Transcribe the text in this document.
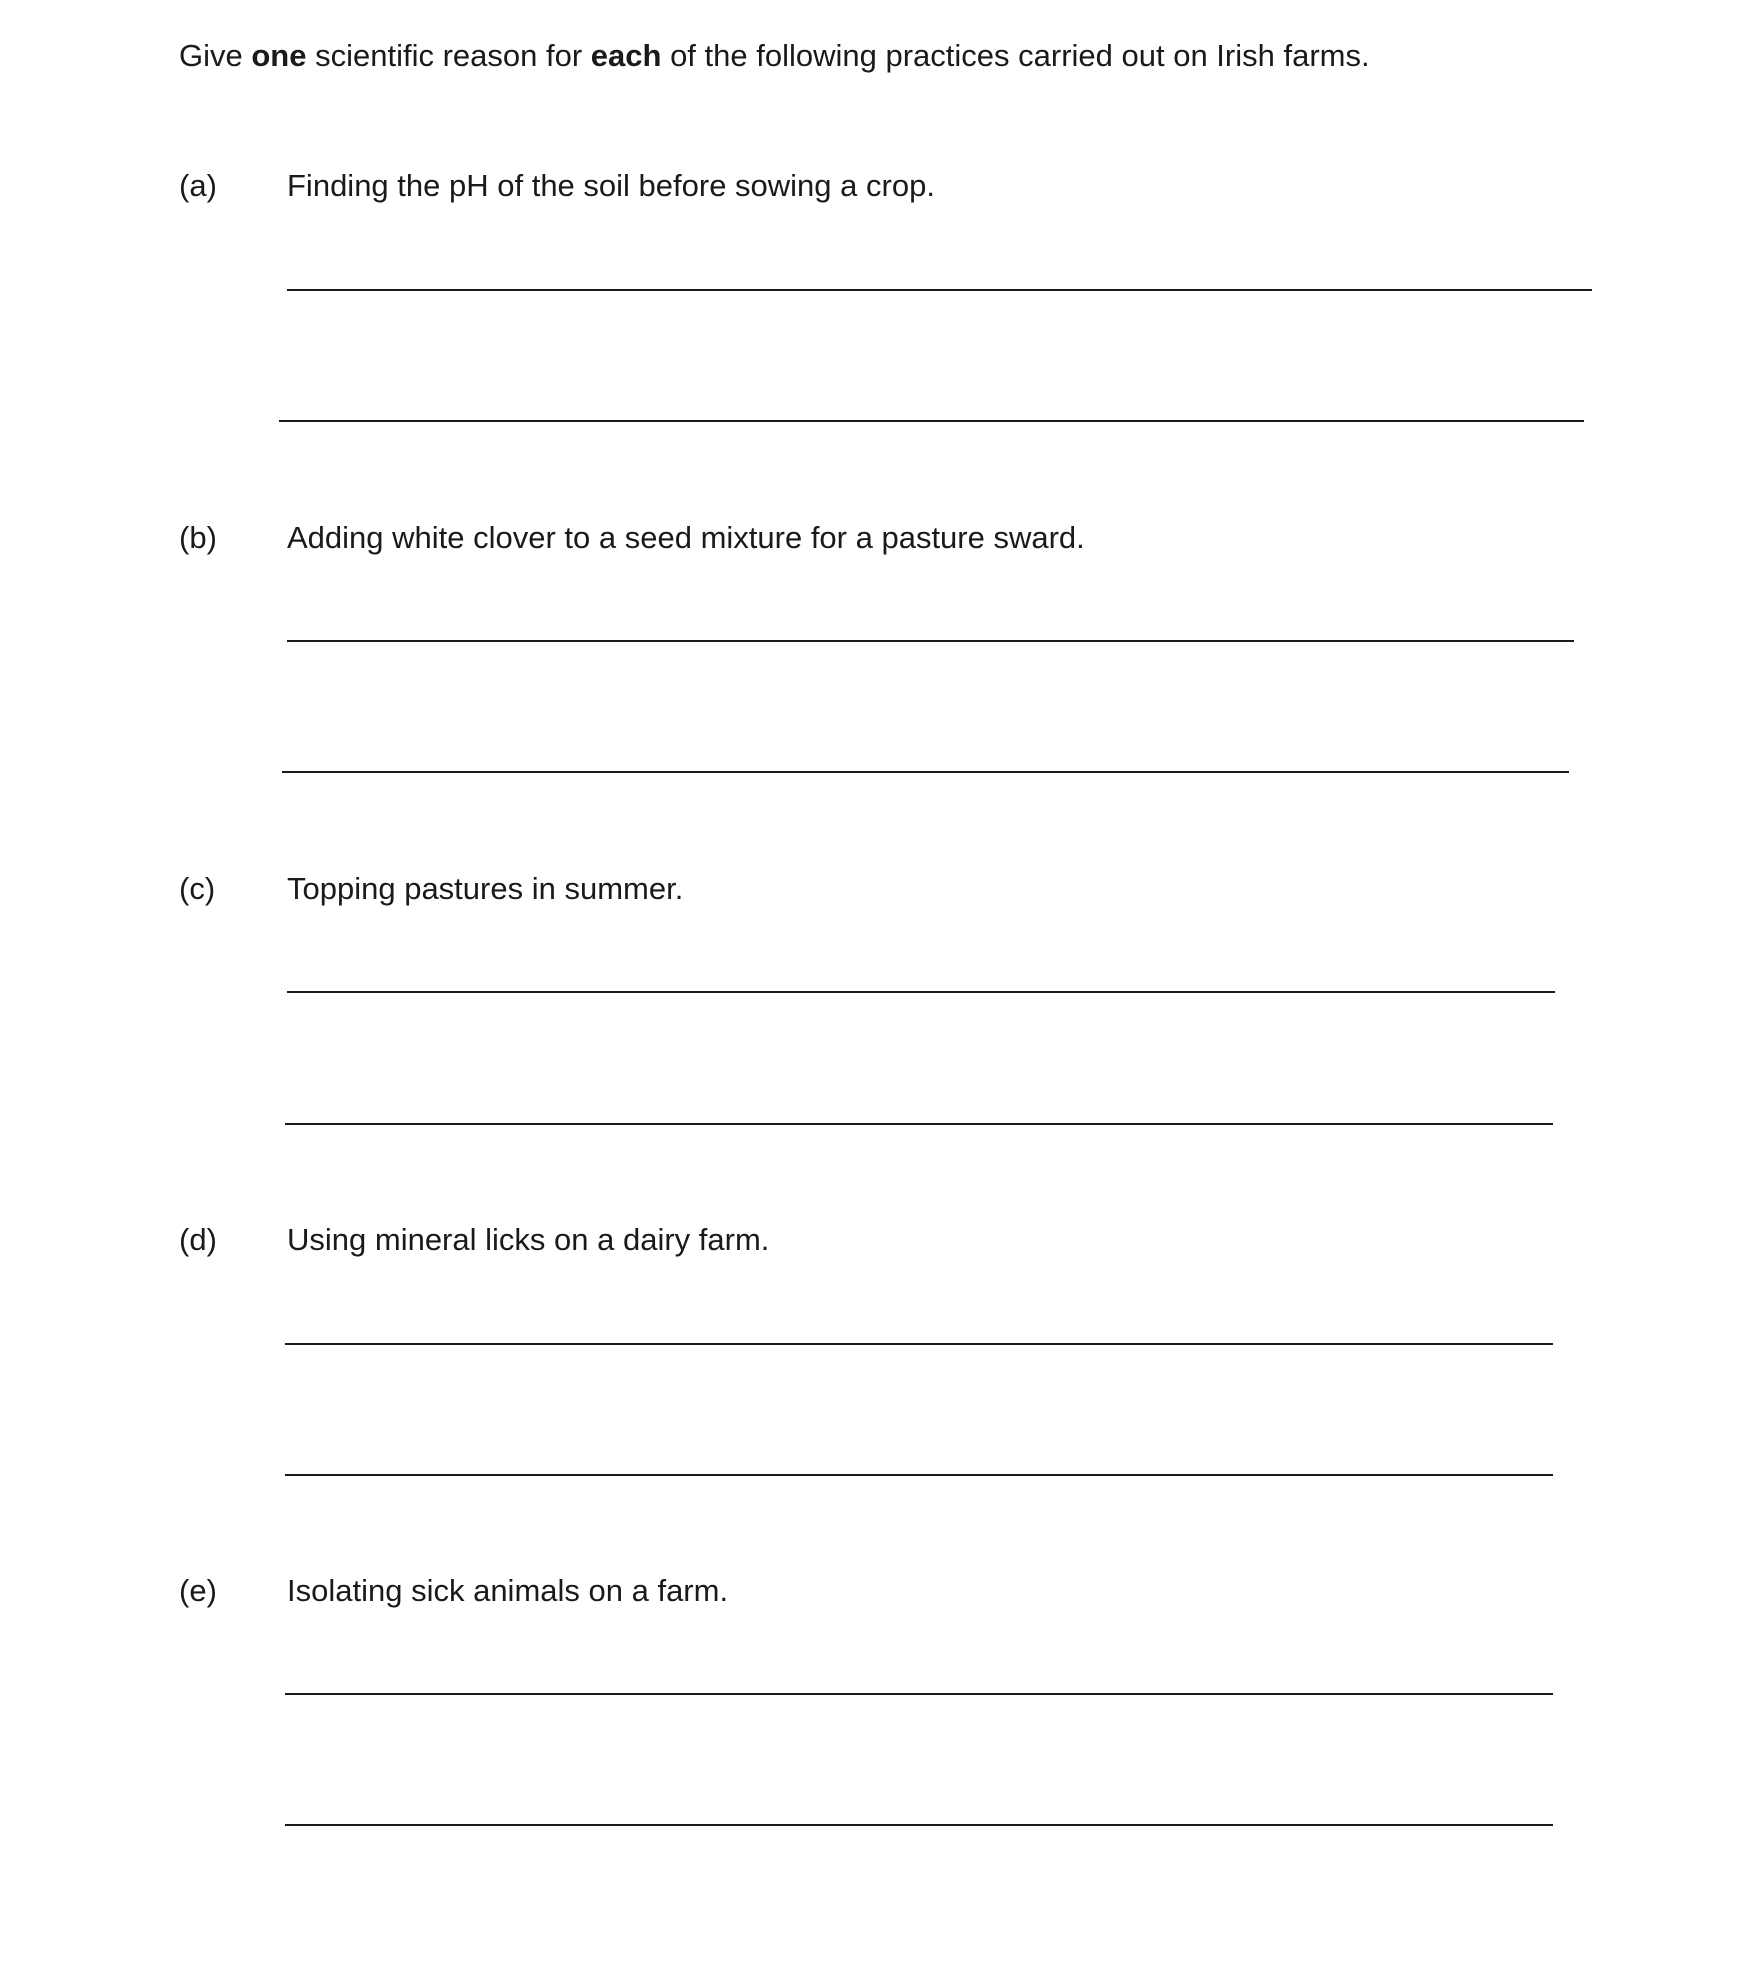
Give one scientific reason for each of the following practices carried out on Irish farms.
(a) Finding the pH of the soil before sowing a crop.
(b) Adding white clover to a seed mixture for a pasture sward.
(c) Topping pastures in summer.
(d) Using mineral licks on a dairy farm.
(e) Isolating sick animals on a farm.
